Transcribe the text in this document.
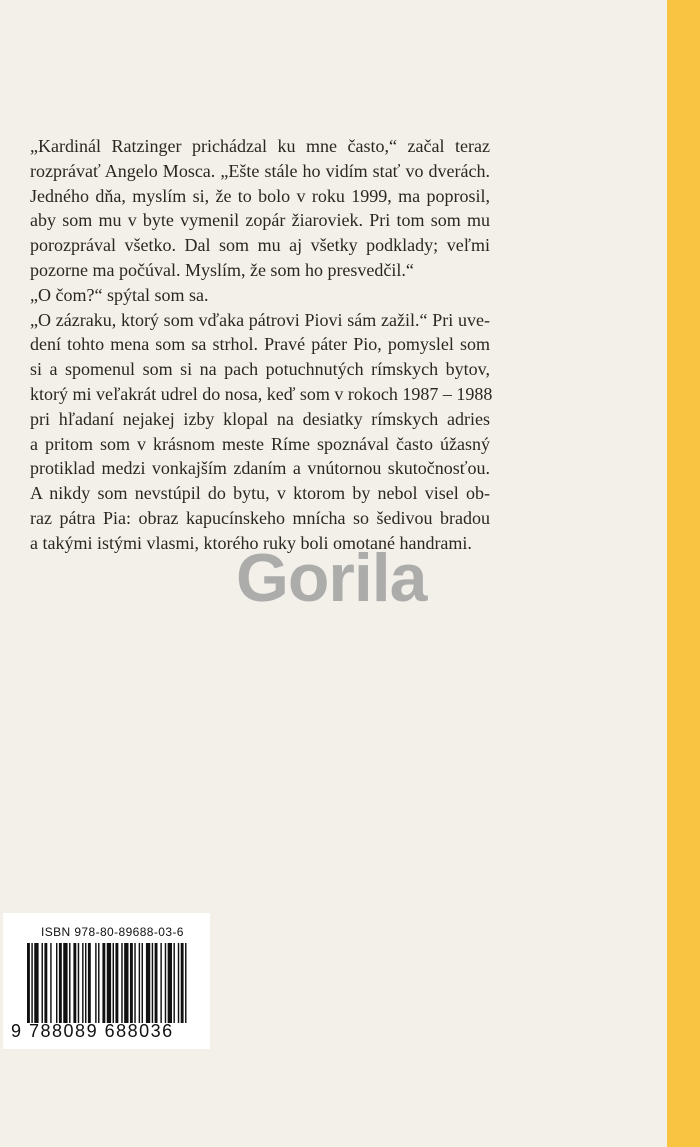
„Kardinál Ratzinger prichádzal ku mne často,“ začal teraz
rozprávať Angelo Mosca. „Ešte stále ho vidím stať vo dverách.
Jedného dňa, myslím si, že to bolo v roku 1999, ma poprosil,
aby som mu v byte vymenil zopár žiaroviek. Pri tom som mu
porozprával všetko. Dal som mu aj všetky podklady; veľmi
pozorne ma počúval. Myslím, že som ho presvedčil.“
„O čom?“ spýtal som sa.
„O zázraku, ktorý som vďaka pátrovi Piovi sám zažil.“ Pri uve-
dení tohto mena som sa strhol. Pravé páter Pio, pomyslel som
si a spomenul som si na pach potuchnutých rímskych bytov,
ktorý mi veľakrát udrel do nosa, keď som v rokoch 1987 – 1988
pri hľadaní nejakej izby klopal na desiatky rímskych adries
a pritom som v krásnom meste Ríme spoznával často úžasný
protiklad medzi vonkajším zdaním a vnútornou skutočnosťou.
A nikdy som nevstúpil do bytu, v ktorom by nebol visel ob-
raz pátra Pia: obraz kapucínskeho mnícha so šedivou bradou
a takými istými vlasmi, ktorého ruky boli omotané handrami.
Gorila
ISBN 978-80-89688-03-6
9 788089 688036
